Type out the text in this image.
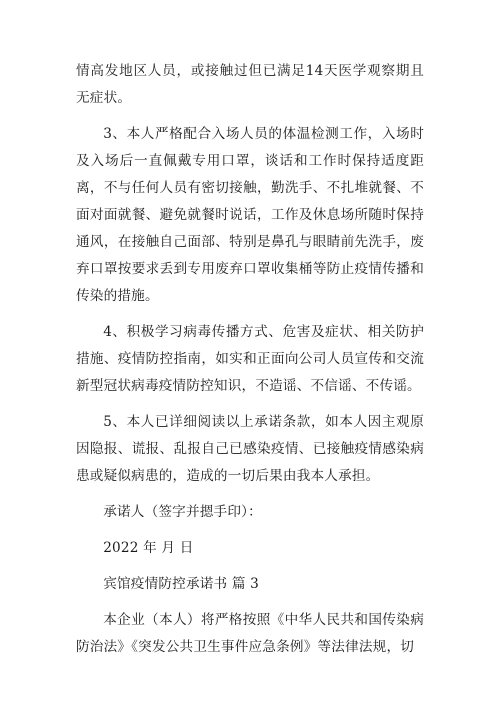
情高发地区人员，或接触过但已满足14天医学观察期且无症状。

3、本人严格配合入场人员的体温检测工作，入场时及入场后一直佩戴专用口罩，谈话和工作时保持适度距离，不与任何人员有密切接触，勤洗手、不扎堆就餐、不面对面就餐、避免就餐时说话，工作及休息场所随时保持通风，在接触自己面部、特别是鼻孔与眼睛前先洗手，废弃口罩按要求丢到专用废弃口罩收集桶等防止疫情传播和传染的措施。

4、积极学习病毒传播方式、危害及症状、相关防护措施、疫情防控指南，如实和正面向公司人员宣传和交流新型冠状病毒疫情防控知识，不造谣、不信谣、不传谣。

5、本人已详细阅读以上承诺条款，如本人因主观原因隐报、谎报、乱报自己已感染疫情、已接触疫情感染病患或疑似病患的，造成的一切后果由我本人承担。

承诺人（签字并摁手印）：

2022 年 月 日

宾馆疫情防控承诺书 篇 3

本企业（本人）将严格按照《中华人民共和国传染病防治法》《突发公共卫生事件应急条例》等法律法规，切
